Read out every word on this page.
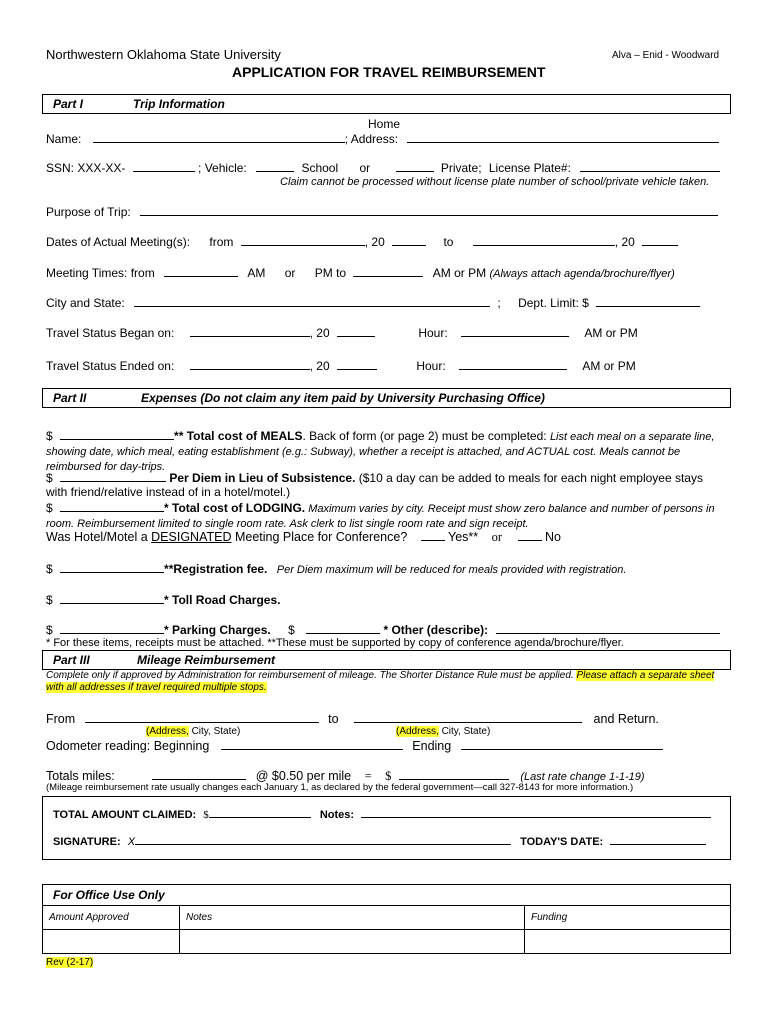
Northwestern Oklahoma State University	Alva – Enid - Woodward
APPLICATION FOR TRAVEL REIMBURSEMENT
Part I	Trip Information
Home
Name:	; Address:
SSN: XXX-XX-	; Vehicle:	School or	Private; License Plate#:
Claim cannot be processed without license plate number of school/private vehicle taken.
Purpose of Trip:
Dates of Actual Meeting(s): from	, 20	to	, 20
Meeting Times: from	AM or PM to	AM or PM (Always attach agenda/brochure/flyer)
City and State:	; Dept. Limit: $
Travel Status Began on:	, 20	Hour:	AM or PM
Travel Status Ended on:	, 20	Hour:	AM or PM
Part II	Expenses (Do not claim any item paid by University Purchasing Office)
$	** Total cost of MEALS. Back of form (or page 2) must be completed: List each meal on a separate line, showing date, which meal, eating establishment (e.g.: Subway), whether a receipt is attached, and ACTUAL cost. Meals cannot be reimbursed for day-trips.
$	Per Diem in Lieu of Subsistence. ($10 a day can be added to meals for each night employee stays with friend/relative instead of in a hotel/motel.)
$	* Total cost of LODGING. Maximum varies by city. Receipt must show zero balance and number of persons in room. Reimbursement limited to single room rate. Ask clerk to list single room rate and sign receipt.
Was Hotel/Motel a DESIGNATED Meeting Place for Conference?	Yes** or	No
$	**Registration fee. Per Diem maximum will be reduced for meals provided with registration.
$	* Toll Road Charges.
$	* Parking Charges. $	* Other (describe):
* For these items, receipts must be attached. **These must be supported by copy of conference agenda/brochure/flyer.
Part III	Mileage Reimbursement
Complete only if approved by Administration for reimbursement of mileage. The Shorter Distance Rule must be applied. Please attach a separate sheet with all addresses if travel required multiple stops.
From	to	and Return.
(Address, City, State)	(Address, City, State)
Odometer reading: Beginning	Ending
Totals miles:	@ $0.50 per mile = $	(Last rate change 1-1-19)
(Mileage reimbursement rate usually changes each January 1, as declared by the federal government—call 327-8143 for more information.)
TOTAL AMOUNT CLAIMED: $	Notes:
SIGNATURE: X	TODAY'S DATE:
For Office Use Only
Amount Approved	Notes	Funding

Rev (2-17)
